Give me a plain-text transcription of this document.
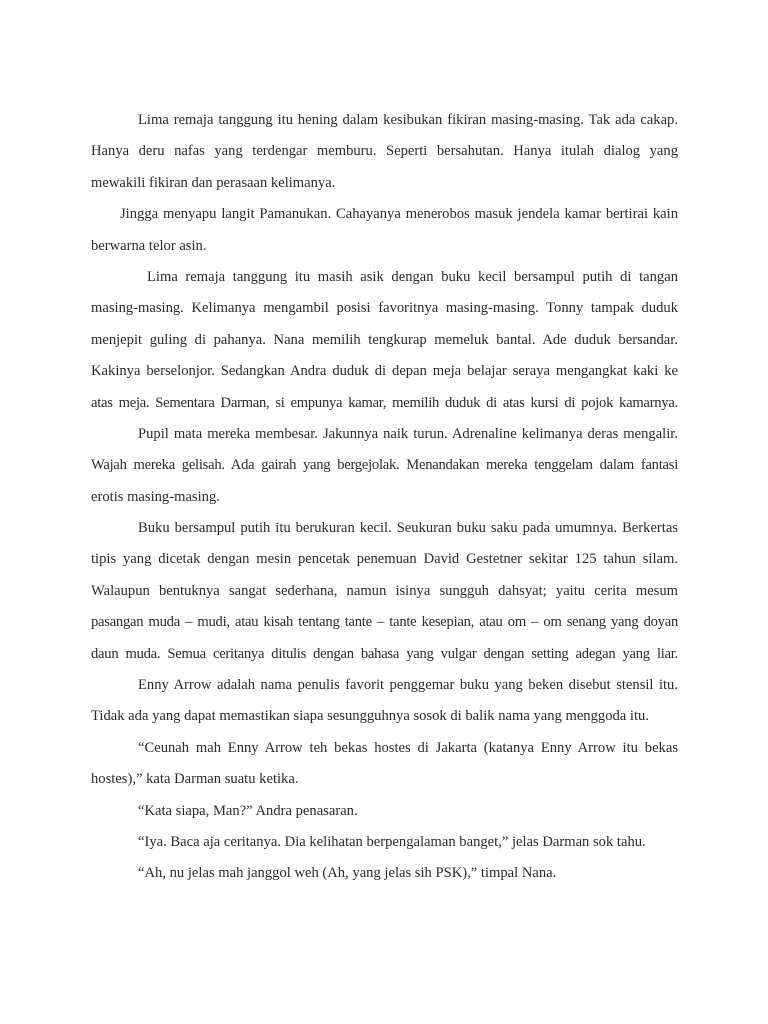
Lima remaja tanggung itu hening dalam kesibukan fikiran masing-masing. Tak ada cakap.
Hanya deru nafas yang terdengar memburu. Seperti bersahutan. Hanya itulah dialog yang
mewakili fikiran dan perasaan kelimanya.
Jingga menyapu langit Pamanukan. Cahayanya menerobos masuk jendela kamar bertirai kain
berwarna telor asin.
Lima remaja tanggung itu masih asik dengan buku kecil bersampul putih di tangan
masing-masing. Kelimanya mengambil posisi favoritnya masing-masing. Tonny tampak duduk
menjepit guling di pahanya. Nana memilih tengkurap memeluk bantal. Ade duduk bersandar.
Kakinya berselonjor. Sedangkan Andra duduk di depan meja belajar seraya mengangkat kaki ke
atas meja. Sementara Darman, si empunya kamar, memilih duduk di atas kursi di pojok kamarnya.
Pupil mata mereka membesar. Jakunnya naik turun. Adrenaline kelimanya deras mengalir.
Wajah mereka gelisah. Ada gairah yang bergejolak. Menandakan mereka tenggelam dalam fantasi
erotis masing-masing.
Buku bersampul putih itu berukuran kecil. Seukuran buku saku pada umumnya. Berkertas
tipis yang dicetak dengan mesin pencetak penemuan David Gestetner sekitar 125 tahun silam.
Walaupun bentuknya sangat sederhana, namun isinya sungguh dahsyat; yaitu cerita mesum
pasangan muda – mudi, atau kisah tentang tante – tante kesepian, atau om – om senang yang doyan
daun muda. Semua ceritanya ditulis dengan bahasa yang vulgar dengan setting adegan yang liar.
Enny Arrow adalah nama penulis favorit penggemar buku yang beken disebut stensil itu.
Tidak ada yang dapat memastikan siapa sesungguhnya sosok di balik nama yang menggoda itu.
“Ceunah mah Enny Arrow teh bekas hostes di Jakarta (katanya Enny Arrow itu bekas
hostes),” kata Darman suatu ketika.
“Kata siapa, Man?” Andra penasaran.
“Iya. Baca aja ceritanya. Dia kelihatan berpengalaman banget,” jelas Darman sok tahu.
“Ah, nu jelas mah janggol weh (Ah, yang jelas sih PSK),” timpal Nana.
